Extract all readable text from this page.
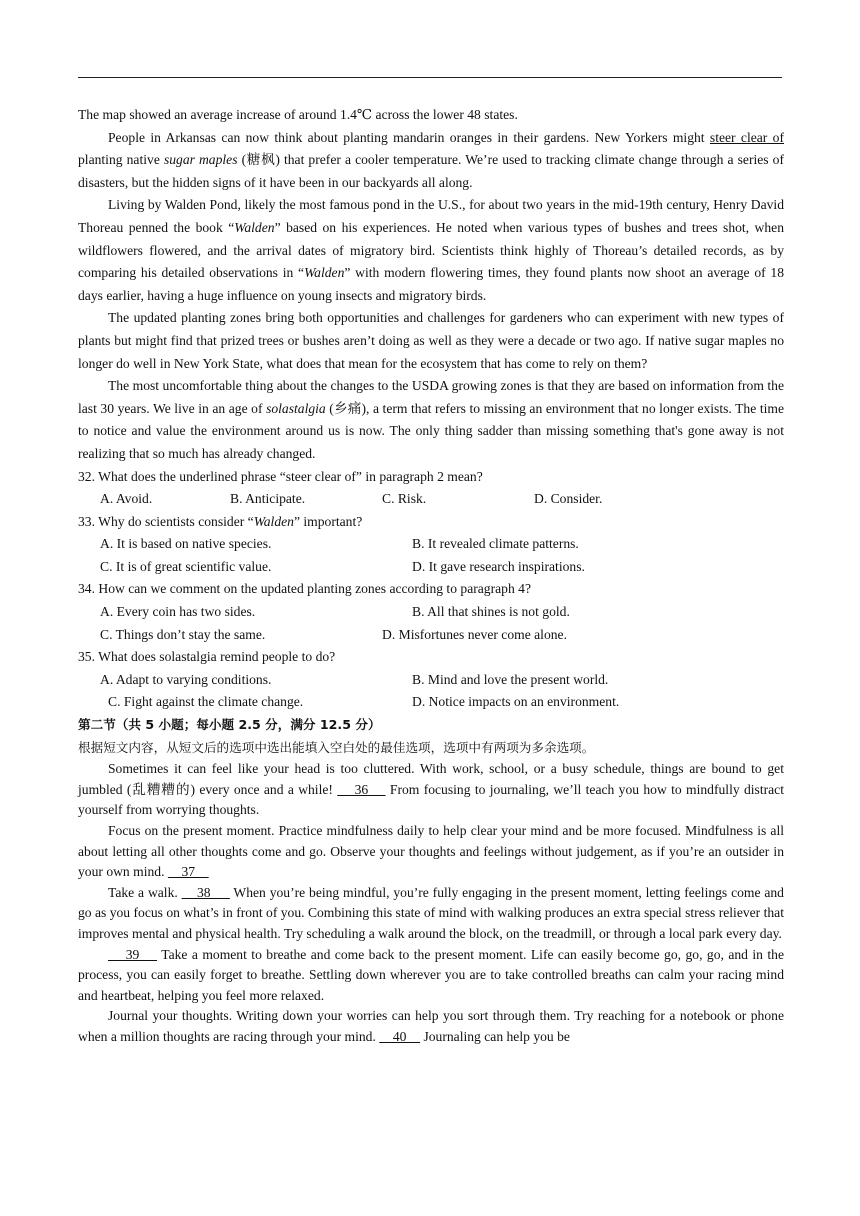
The map showed an average increase of around 1.4℃ across the lower 48 states.

People in Arkansas can now think about planting mandarin oranges in their gardens. New Yorkers might steer clear of planting native sugar maples (糖枫) that prefer a cooler temperature. We’re used to tracking climate change through a series of disasters, but the hidden signs of it have been in our backyards all along.

Living by Walden Pond, likely the most famous pond in the U.S., for about two years in the mid-19th century, Henry David Thoreau penned the book “Walden” based on his experiences. He noted when various types of bushes and trees shot, when wildflowers flowered, and the arrival dates of migratory bird. Scientists think highly of Thoreau’s detailed records, as by comparing his detailed observations in “Walden” with modern flowering times, they found plants now shoot an average of 18 days earlier, having a huge influence on young insects and migratory birds.

The updated planting zones bring both opportunities and challenges for gardeners who can experiment with new types of plants but might find that prized trees or bushes aren’t doing as well as they were a decade or two ago. If native sugar maples no longer do well in New York State, what does that mean for the ecosystem that has come to rely on them?

The most uncomfortable thing about the changes to the USDA growing zones is that they are based on information from the last 30 years. We live in an age of solastalgia (乡痛), a term that refers to missing an environment that no longer exists. The time to notice and value the environment around us is now. The only thing sadder than missing something that's gone away is not realizing that so much has already changed.

32. What does the underlined phrase “steer clear of” in paragraph 2 mean?

A. Avoid.	B. Anticipate.	C. Risk.	D. Consider.

33. Why do scientists consider “Walden” important?

A. It is based on native species.	B. It revealed climate patterns.
C. It is of great scientific value.	D. It gave research inspirations.

34. How can we comment on the updated planting zones according to paragraph 4?

A. Every coin has two sides.	B. All that shines is not gold.
C. Things don’t stay the same.	D. Misfortunes never come alone.

35. What does solastalgia remind people to do?

A. Adapt to varying conditions.	B. Mind and love the present world.
C. Fight against the climate change.	D. Notice impacts on an environment.

第二节（共 5 小题；每小题 2.5 分，满分 12.5 分）

根据短文内容，从短文后的选项中选出能填入空白处的最佳选项，选项中有两项为多余选项。

Sometimes it can feel like your head is too cluttered. With work, school, or a busy schedule, things are bound to get jumbled (乱糟糟的) every once and a while!     36     From focusing to journaling, we’ll teach you how to mindfully distract yourself from worrying thoughts.

Focus on the present moment. Practice mindfulness daily to help clear your mind and be more focused. Mindfulness is all about letting all other thoughts come and go. Observe your thoughts and feelings without judgement, as if you’re an outsider in your own mind.     37

Take a walk.     38      When you’re being mindful, you’re fully engaging in the present moment, letting feelings come and go as you focus on what’s in front of you. Combining this state of mind with walking produces an extra special stress reliever that improves mental and physical health. Try scheduling a walk around the block, on the treadmill, or through a local park every day.

39     Take a moment to breathe and come back to the present moment. Life can easily become go, go, go, and in the process, you can easily forget to breathe. Settling down wherever you are to take controlled breaths can calm your racing mind and heartbeat, helping you feel more relaxed.

Journal your thoughts. Writing down your worries can help you sort through them. Try reaching for a notebook or phone when a million thoughts are racing through your mind.     40     Journaling can help you be
